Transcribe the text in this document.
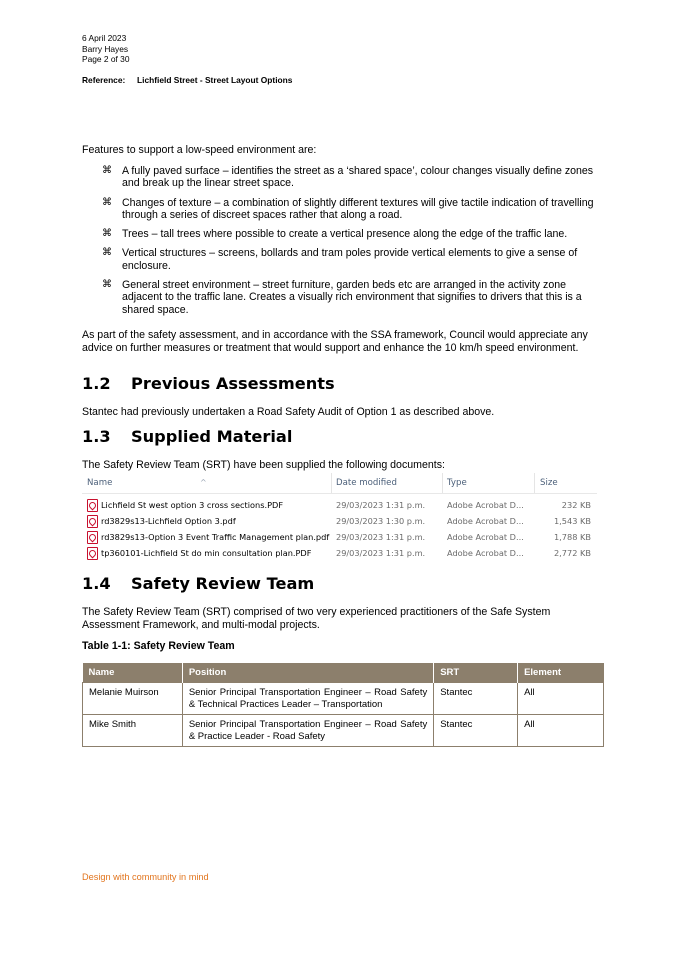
6 April 2023
Barry Hayes
Page 2 of 30
Reference: Lichfield Street - Street Layout Options
Features to support a low-speed environment are:
⌘ A fully paved surface – identifies the street as a ‘shared space’, colour changes visually define zones and break up the linear street space.
⌘ Changes of texture – a combination of slightly different textures will give tactile indication of travelling through a series of discreet spaces rather that along a road.
⌘ Trees – tall trees where possible to create a vertical presence along the edge of the traffic lane.
⌘ Vertical structures – screens, bollards and tram poles provide vertical elements to give a sense of enclosure.
⌘ General street environment – street furniture, garden beds etc are arranged in the activity zone adjacent to the traffic lane. Creates a visually rich environment that signifies to drivers that this is a shared space.
As part of the safety assessment, and in accordance with the SSA framework, Council would appreciate any advice on further measures or treatment that would support and enhance the 10 km/h speed environment.
1.2 Previous Assessments
Stantec had previously undertaken a Road Safety Audit of Option 1 as described above.
1.3 Supplied Material
The Safety Review Team (SRT) have been supplied the following documents:
^
Name	Date modified	Type	Size
Lichfield St west option 3 cross sections.PDF	29/03/2023 1:31 p.m.	Adobe Acrobat D...	232 KB
rd3829s13-Lichfield Option 3.pdf	29/03/2023 1:30 p.m.	Adobe Acrobat D...	1,543 KB
rd3829s13-Option 3 Event Traffic Management plan.pdf 29/03/2023 1:31 p.m.	Adobe Acrobat D...	1,788 KB
tp360101-Lichfield St do min consultation plan.PDF	29/03/2023 1:31 p.m.	Adobe Acrobat D...	2,772 KB
1.4 Safety Review Team
The Safety Review Team (SRT) comprised of two very experienced practitioners of the Safe System Assessment Framework, and multi-modal projects.
Table 1-1: Safety Review Team
Name	Position	SRT	Element
Melanie Muirson	Senior Principal Transportation Engineer – Road Safety & Technical Practices Leader – Transportation	Stantec	All
Mike Smith	Senior Principal Transportation Engineer – Road Safety & Practice Leader - Road Safety	Stantec	All
Design with community in mind
